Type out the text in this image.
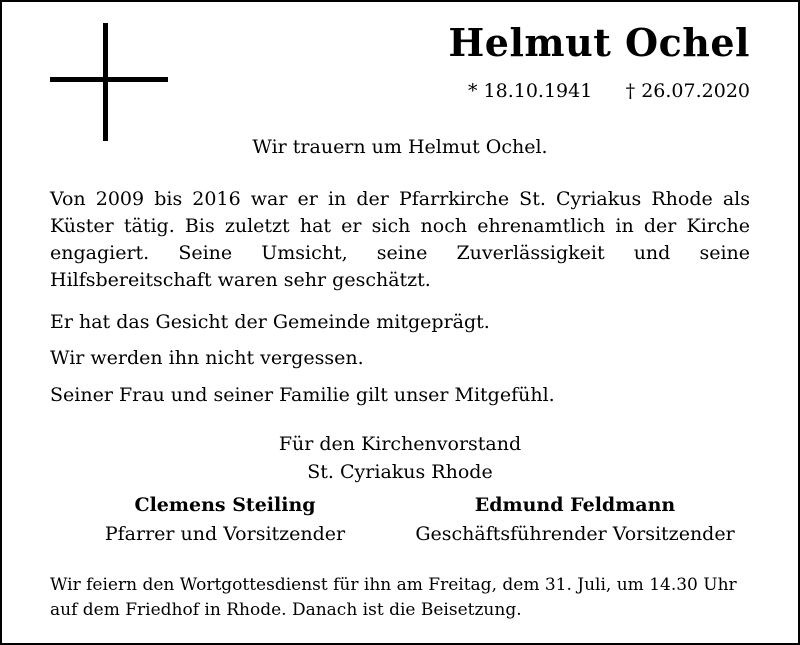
Helmut Ochel
* 18.10.1941 † 26.07.2020
Wir trauern um Helmut Ochel.
Von 2009 bis 2016 war er in der Pfarrkirche St. Cyriakus Rhode als Küster tätig. Bis zuletzt hat er sich noch ehrenamtlich in der Kirche engagiert. Seine Umsicht, seine Zuverlässigkeit und seine Hilfsbereitschaft waren sehr geschätzt.
Er hat das Gesicht der Gemeinde mitgeprägt.
Wir werden ihn nicht vergessen.
Seiner Frau und seiner Familie gilt unser Mitgefühl.
Für den Kirchenvorstand
St. Cyriakus Rhode
Clemens Steiling
Pfarrer und Vorsitzender
Edmund Feldmann
Geschäftsführender Vorsitzender
Wir feiern den Wortgottesdienst für ihn am Freitag, dem 31. Juli, um 14.30 Uhr auf dem Friedhof in Rhode. Danach ist die Beisetzung.
